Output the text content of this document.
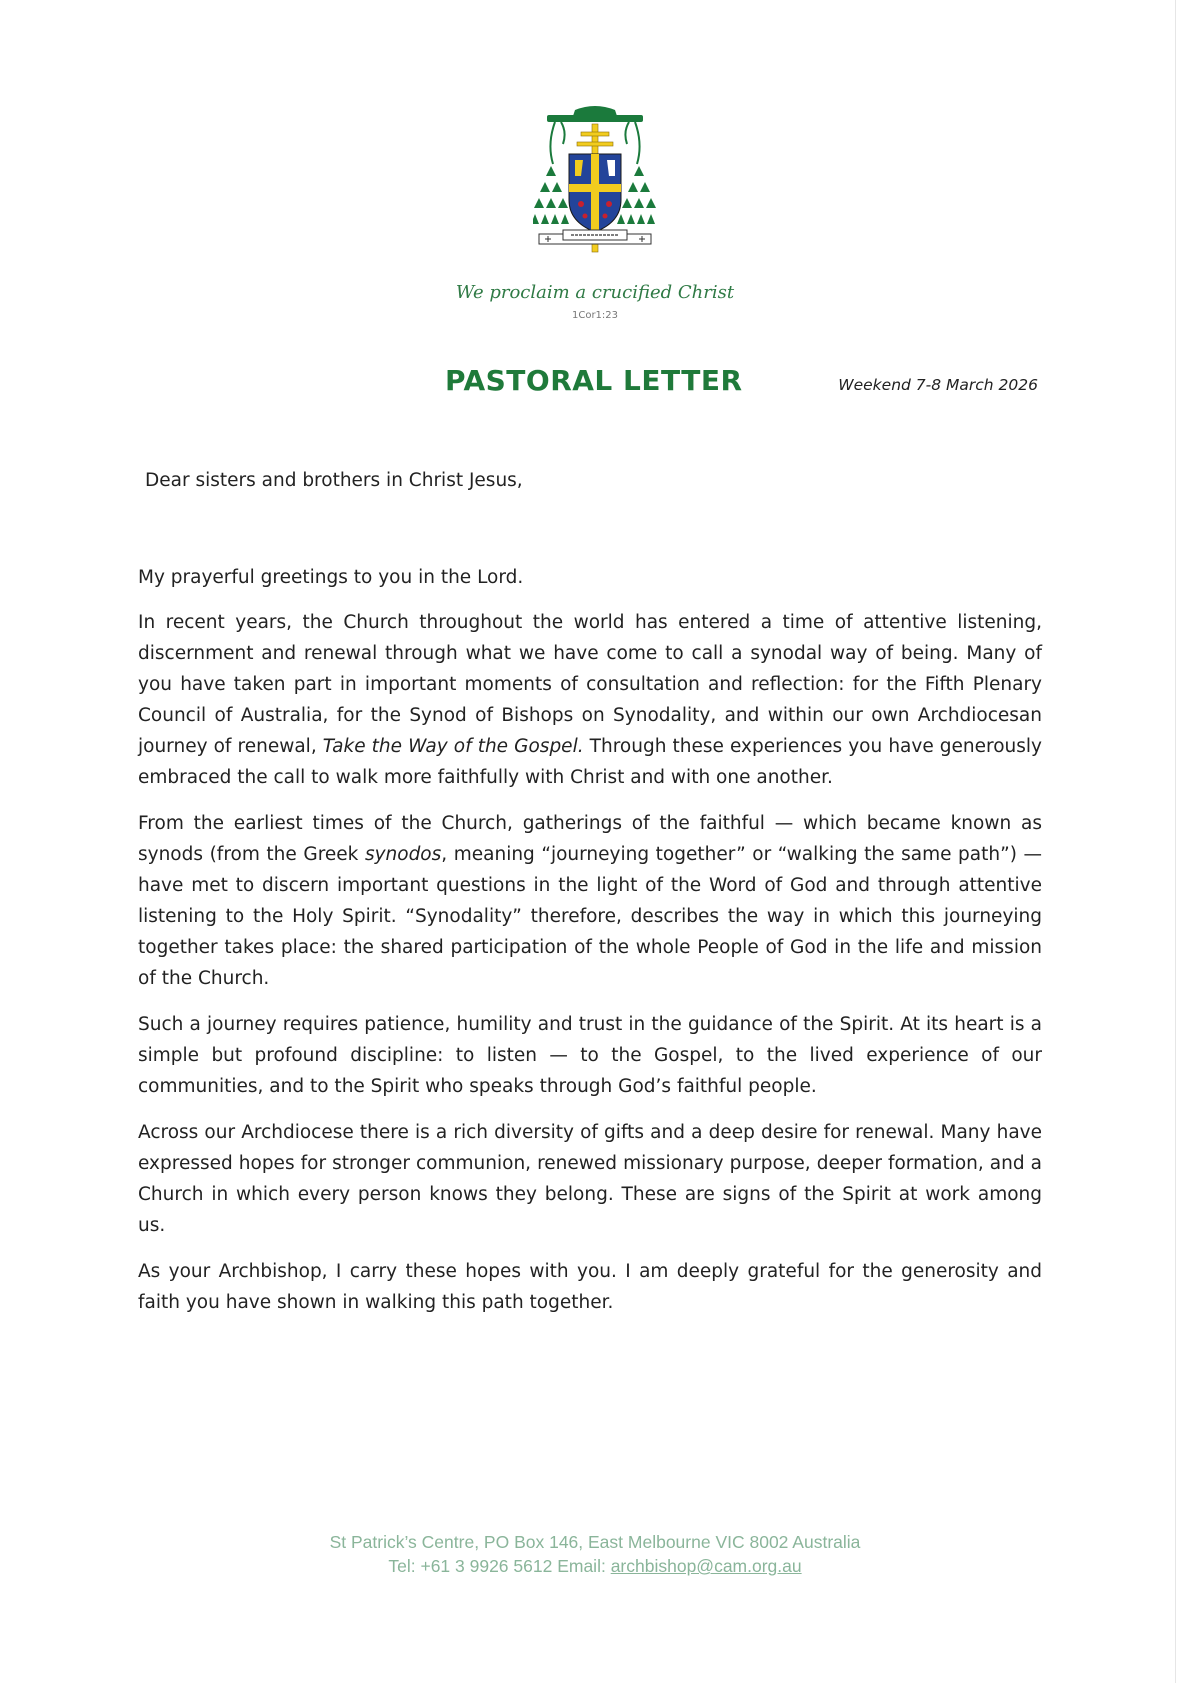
We proclaim a crucified Christ
1Cor1:23
PASTORAL LETTER	Weekend 7-8 March 2026
Dear sisters and brothers in Christ Jesus,

My prayerful greetings to you in the Lord.

In recent years, the Church throughout the world has entered a time of attentive listening, discernment and renewal through what we have come to call a synodal way of being. Many of you have taken part in important moments of consultation and reflection: for the Fifth Plenary Council of Australia, for the Synod of Bishops on Synodality, and within our own Archdiocesan journey of renewal, Take the Way of the Gospel. Through these experiences you have generously embraced the call to walk more faithfully with Christ and with one another.

From the earliest times of the Church, gatherings of the faithful — which became known as synods (from the Greek synodos, meaning “journeying together” or “walking the same path”) — have met to discern important questions in the light of the Word of God and through attentive listening to the Holy Spirit. “Synodality” therefore, describes the way in which this journeying together takes place: the shared participation of the whole People of God in the life and mission of the Church.

Such a journey requires patience, humility and trust in the guidance of the Spirit. At its heart is a simple but profound discipline: to listen — to the Gospel, to the lived experience of our communities, and to the Spirit who speaks through God’s faithful people.

Across our Archdiocese there is a rich diversity of gifts and a deep desire for renewal. Many have expressed hopes for stronger communion, renewed missionary purpose, deeper formation, and a Church in which every person knows they belong. These are signs of the Spirit at work among us.

As your Archbishop, I carry these hopes with you. I am deeply grateful for the generosity and faith you have shown in walking this path together.

St Patrick’s Centre, PO Box 146, East Melbourne VIC 8002 Australia
Tel: +61 3 9926 5612 Email: archbishop@cam.org.au
